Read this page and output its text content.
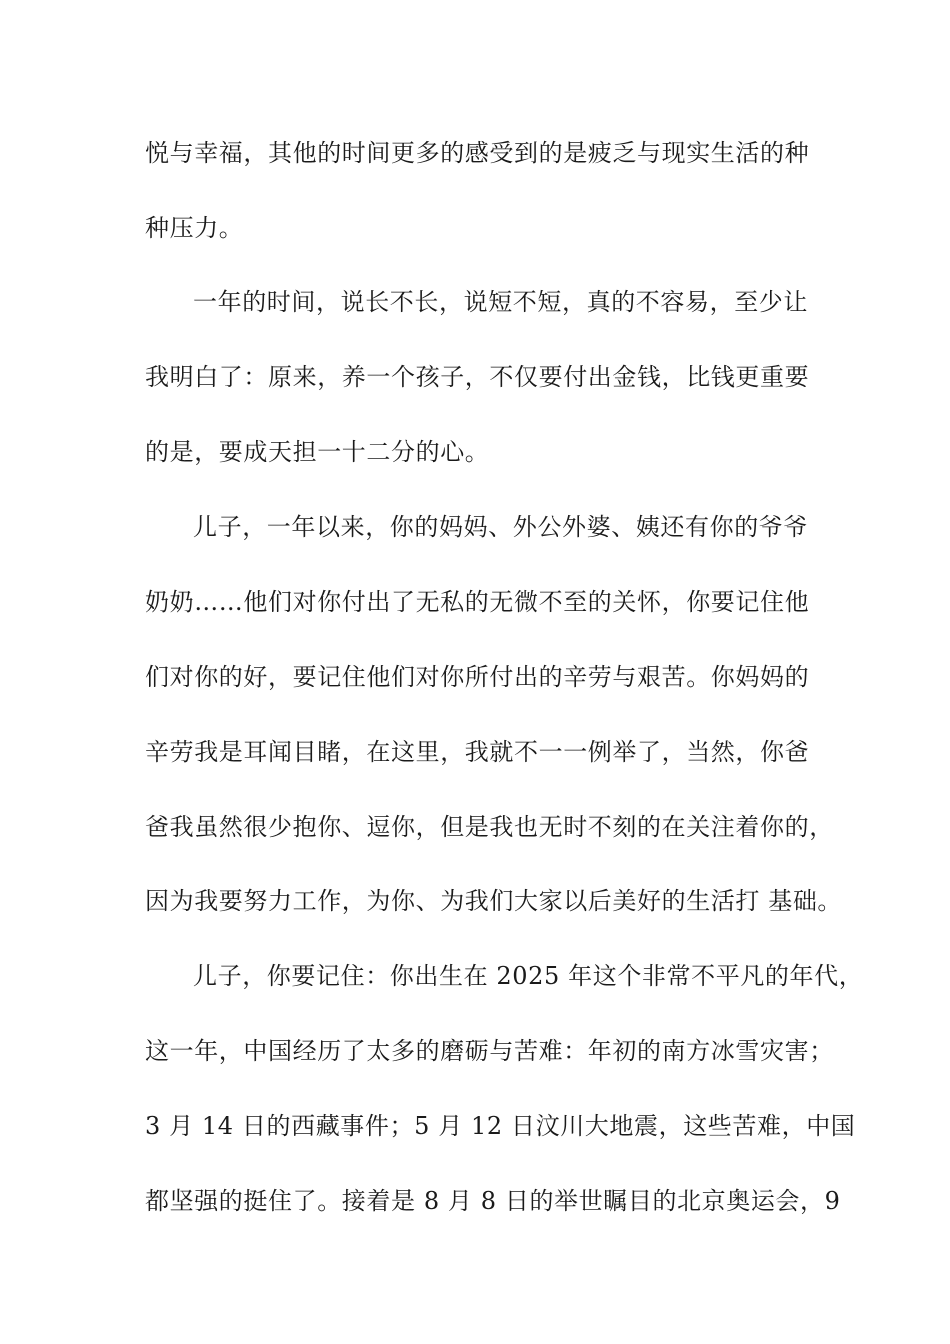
悦与幸福，其他的时间更多的感受到的是疲乏与现实生活的种
种压力。
一年的时间，说长不长，说短不短，真的不容易，至少让
我明白了：原来，养一个孩子，不仅要付出金钱，比钱更重要
的是，要成天担一十二分的心。
儿子，一年以来，你的妈妈、外公外婆、姨还有你的爷爷
奶奶……他们对你付出了无私的无微不至的关怀，你要记住他
们对你的好，要记住他们对你所付出的辛劳与艰苦。你妈妈的
辛劳我是耳闻目睹，在这里，我就不一一例举了，当然，你爸
爸我虽然很少抱你、逗你，但是我也无时不刻的在关注着你的，
因为我要努力工作，为你、为我们大家以后美好的生活打 基础。
儿子，你要记住：你出生在 2025 年这个非常不平凡的年代，
这一年，中国经历了太多的磨砺与苦难：年初的南方冰雪灾害；
3 月 14 日的西藏事件；5 月 12 日汶川大地震，这些苦难，中国
都坚强的挺住了。接着是 8 月 8 日的举世瞩目的北京奥运会，9
